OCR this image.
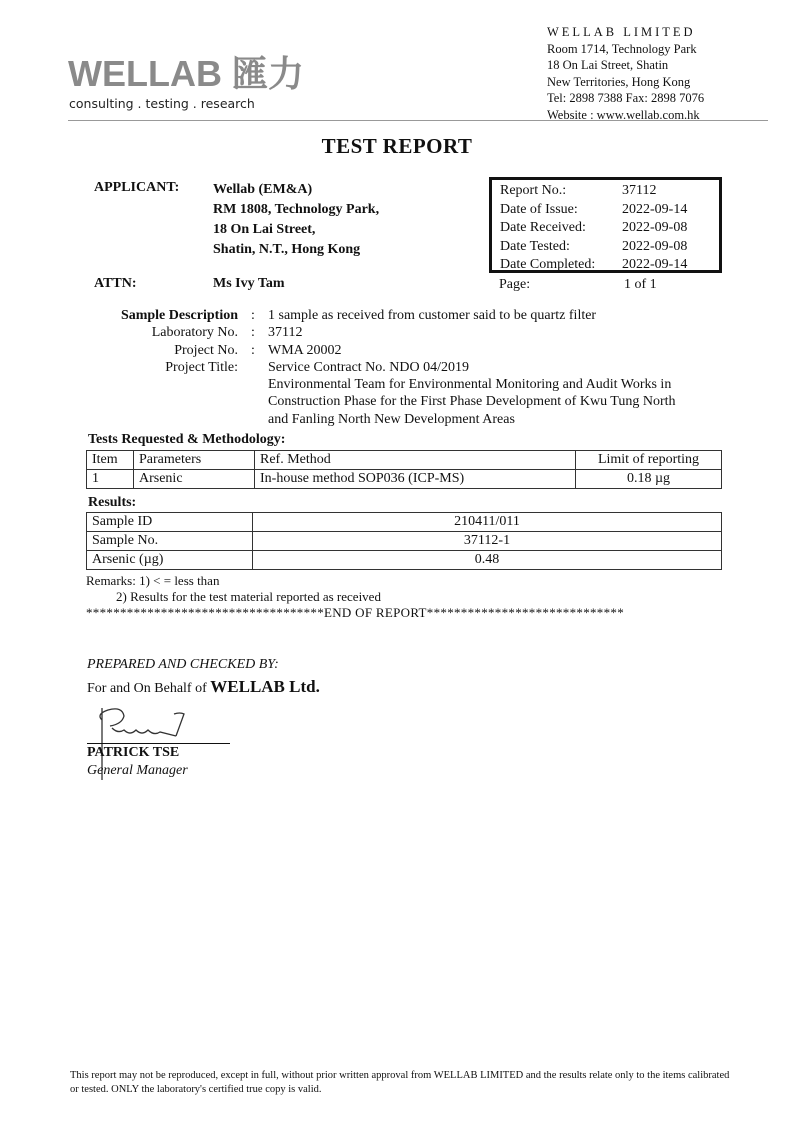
WELLAB 匯力
consulting . testing . research
WELLAB LIMITED
Room 1714, Technology Park
18 On Lai Street, Shatin
New Territories, Hong Kong
Tel: 2898 7388 Fax: 2898 7076
Website : www.wellab.com.hk
TEST REPORT
APPLICANT: Wellab (EM&A)
RM 1808, Technology Park,
18 On Lai Street,
Shatin, N.T., Hong Kong
ATTN:	Ms Ivy Tam
Report No.:	37112
Date of Issue:	2022-09-14
Date Received:	2022-09-08
Date Tested:	2022-09-08
Date Completed:	2022-09-14
Page:	1 of 1
Sample Description : 1 sample as received from customer said to be quartz filter
Laboratory No. : 37112
Project No. : WMA 20002
Project Title: Service Contract No. NDO 04/2019
Environmental Team for Environmental Monitoring and Audit Works in
Construction Phase for the First Phase Development of Kwu Tung North
and Fanling North New Development Areas
Tests Requested & Methodology:
Item	Parameters	Ref. Method	Limit of reporting
1	Arsenic	In-house method SOP036 (ICP-MS)	0.18 µg
Results:
Sample ID	210411/011
Sample No.	37112-1
Arsenic (µg)	0.48
Remarks: 1) < = less than
2) Results for the test material reported as received
***********************************END OF REPORT*****************************
PREPARED AND CHECKED BY:
For and On Behalf of WELLAB Ltd.
PATRICK TSE
General Manager
This report may not be reproduced, except in full, without prior written approval from WELLAB LIMITED and the results relate only to the items calibrated or tested. ONLY the laboratory's certified true copy is valid.
